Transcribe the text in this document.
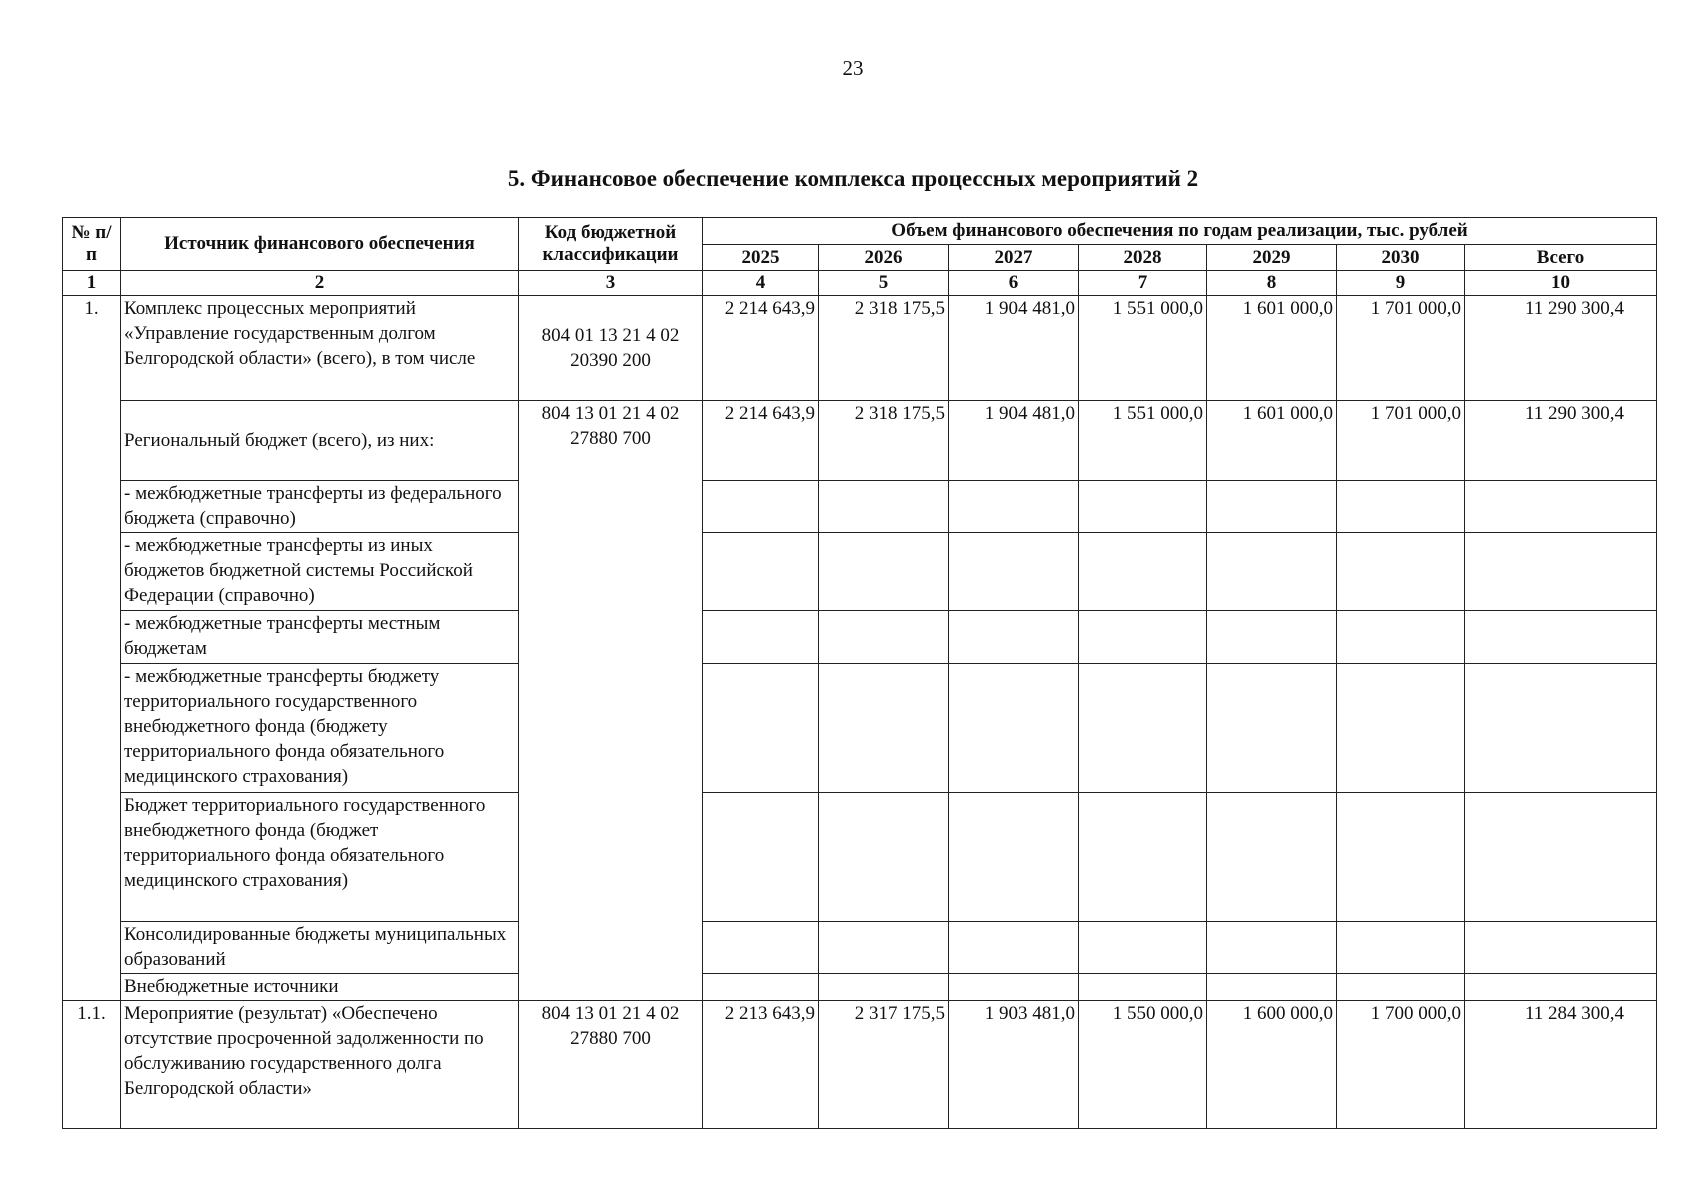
23
5. Финансовое обеспечение комплекса процессных мероприятий 2
№ п/п	Источник финансового обеспечения	Код бюджетной классификации	Объем финансового обеспечения по годам реализации, тыс. рублей						
			2025	2026	2027	2028	2029	2030	Всего
1	2	3	4	5	6	7	8	9	10
1.	Комплекс процессных мероприятий «Управление государственным долгом Белгородской области» (всего), в том числе	804 01 13 21 4 02 20390 200	2 214 643,9	2 318 175,5	1 904 481,0	1 551 000,0	1 601 000,0	1 701 000,0	11 290 300,4
	Региональный бюджет (всего), из них:	804 13 01 21 4 02 27880 700	2 214 643,9	2 318 175,5	1 904 481,0	1 551 000,0	1 601 000,0	1 701 000,0	11 290 300,4
	- межбюджетные трансферты из федерального бюджета (справочно)								
	- межбюджетные трансферты из иных бюджетов бюджетной системы Российской Федерации (справочно)								
	- межбюджетные трансферты местным бюджетам								
	- межбюджетные трансферты бюджету территориального государственного внебюджетного фонда (бюджету территориального фонда обязательного медицинского страхования)								
	Бюджет территориального государственного внебюджетного фонда (бюджет территориального фонда обязательного медицинского страхования)								
	Консолидированные бюджеты муниципальных образований								
	Внебюджетные источники								
1.1.	Мероприятие (результат) «Обеспечено отсутствие просроченной задолженности по обслуживанию государственного долга Белгородской области»	804 13 01 21 4 02 27880 700	2 213 643,9	2 317 175,5	1 903 481,0	1 550 000,0	1 600 000,0	1 700 000,0	11 284 300,4
